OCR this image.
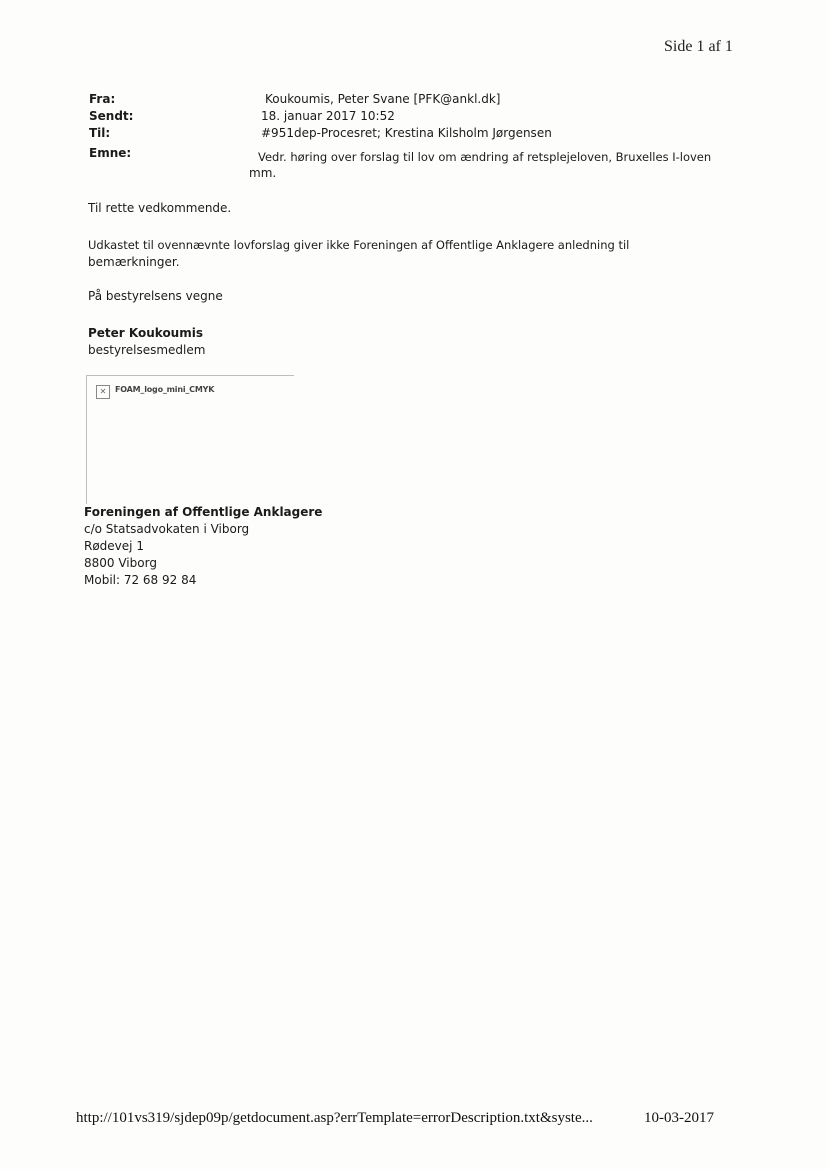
Side 1 af 1
Fra:	Koukoumis, Peter Svane [PFK@ankl.dk]
Sendt:	18. januar 2017 10:52
Til:	#951dep-Procesret; Krestina Kilsholm Jørgensen
Emne:	Vedr. høring over forslag til lov om ændring af retsplejeloven, Bruxelles I-loven
mm.
Til rette vedkommende.
Udkastet til ovennævnte lovforslag giver ikke Foreningen af Offentlige Anklagere anledning til
bemærkninger.
På bestyrelsens vegne
Peter Koukoumis
bestyrelsesmedlem
✕	FOAM_logo_mini_CMYK
Foreningen af Offentlige Anklagere
c/o Statsadvokaten i Viborg
Rødevej 1
8800 Viborg
Mobil: 72 68 92 84
http://101vs319/sjdep09p/getdocument.asp?errTemplate=errorDescription.txt&syste...	10-03-2017
